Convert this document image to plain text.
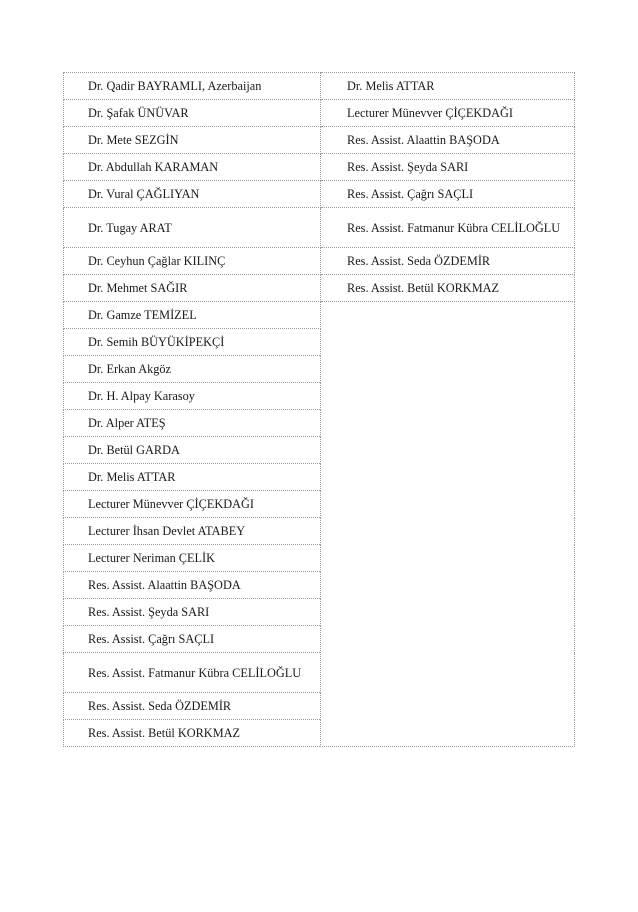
Dr. Qadir BAYRAMLI, Azerbaijan	Dr. Melis ATTAR
Dr. Şafak ÜNÜVAR	Lecturer Münevver ÇİÇEKDAĞI
Dr. Mete SEZGİN	Res. Assist. Alaattin BAŞODA
Dr. Abdullah KARAMAN	Res. Assist. Şeyda SARI
Dr. Vural ÇAĞLIYAN	Res. Assist. Çağrı SAÇLI
Dr. Tugay ARAT	Res. Assist. Fatmanur Kübra CELİLOĞLU
Dr. Ceyhun Çağlar KILINÇ	Res. Assist. Seda ÖZDEMİR
Dr. Mehmet SAĞIR	Res. Assist. Betül KORKMAZ
Dr. Gamze TEMİZEL	
Dr. Semih BÜYÜKİPEKÇİ	
Dr. Erkan Akgöz	
Dr. H. Alpay Karasoy	
Dr. Alper ATEŞ	
Dr. Betül GARDA	
Dr. Melis ATTAR	
Lecturer Münevver ÇİÇEKDAĞI	
Lecturer İhsan Devlet ATABEY	
Lecturer Neriman ÇELİK	
Res. Assist. Alaattin BAŞODA	
Res. Assist. Şeyda SARI	
Res. Assist. Çağrı SAÇLI	
Res. Assist. Fatmanur Kübra CELİLOĞLU	
Res. Assist. Seda ÖZDEMİR	
Res. Assist. Betül KORKMAZ	
